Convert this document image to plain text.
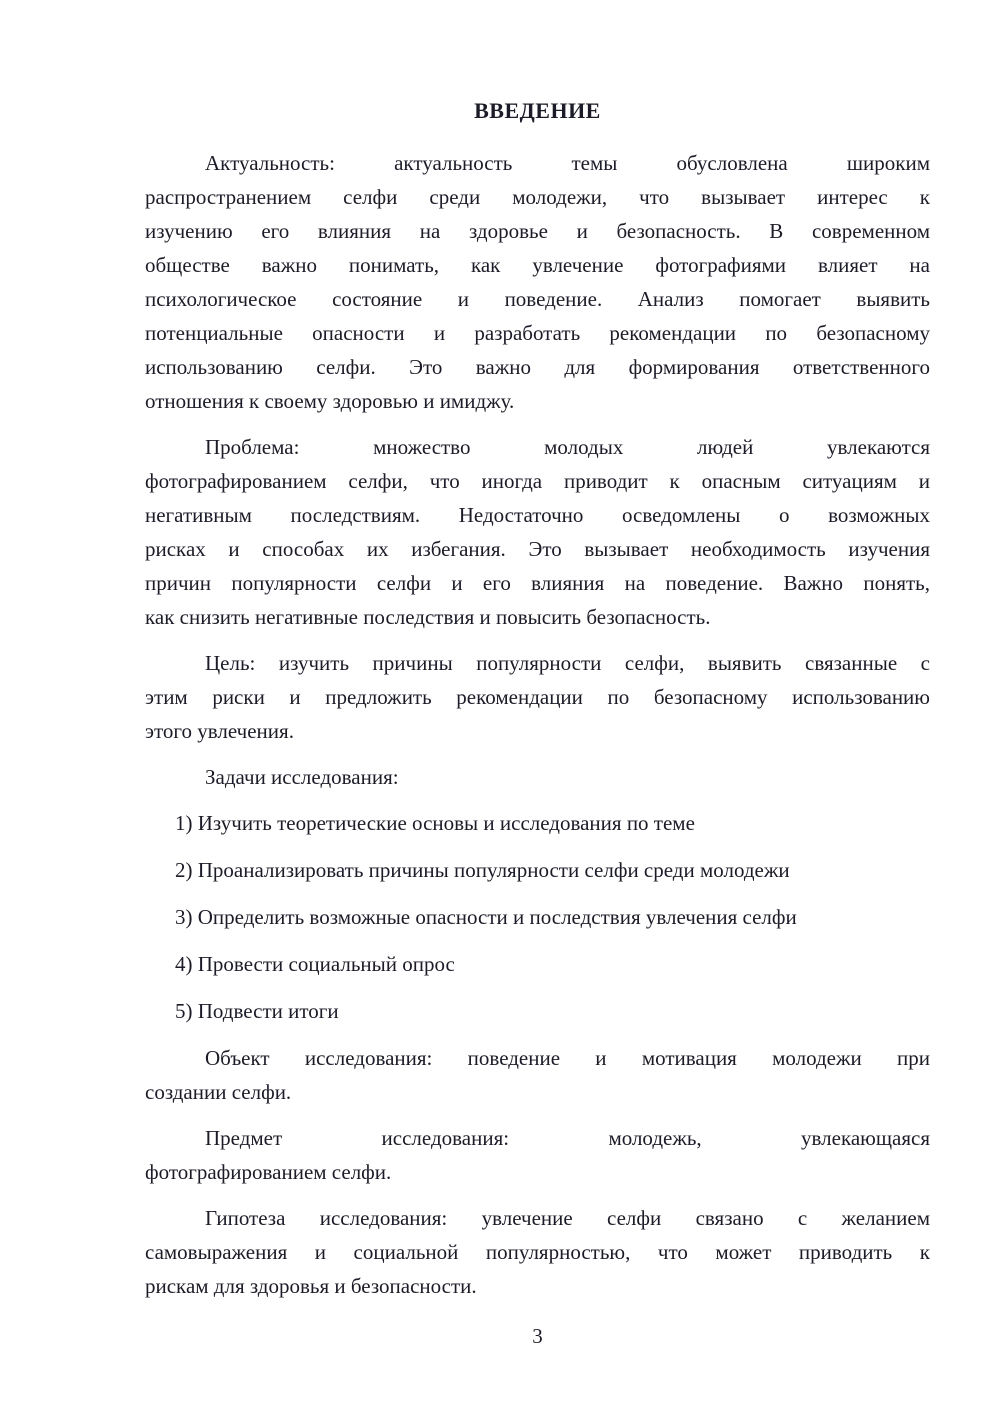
ВВЕДЕНИЕ
Актуальность: актуальность темы обусловлена широким
распространением селфи среди молодежи, что вызывает интерес к
изучению его влияния на здоровье и безопасность. В современном
обществе важно понимать, как увлечение фотографиями влияет на
психологическое состояние и поведение. Анализ помогает выявить
потенциальные опасности и разработать рекомендации по безопасному
использованию селфи. Это важно для формирования ответственного
отношения к своему здоровью и имиджу.
Проблема: множество молодых людей увлекаются
фотографированием селфи, что иногда приводит к опасным ситуациям и
негативным последствиям. Недостаточно осведомлены о возможных
рисках и способах их избегания. Это вызывает необходимость изучения
причин популярности селфи и его влияния на поведение. Важно понять,
как снизить негативные последствия и повысить безопасность.
Цель: изучить причины популярности селфи, выявить связанные с
этим риски и предложить рекомендации по безопасному использованию
этого увлечения.
Задачи исследования:
1) Изучить теоретические основы и исследования по теме
2) Проанализировать причины популярности селфи среди молодежи
3) Определить возможные опасности и последствия увлечения селфи
4) Провести социальный опрос
5) Подвести итоги
Объект исследования: поведение и мотивация молодежи при
создании селфи.
Предмет исследования: молодежь, увлекающаяся
фотографированием селфи.
Гипотеза исследования: увлечение селфи связано с желанием
самовыражения и социальной популярностью, что может приводить к
рискам для здоровья и безопасности.
3
